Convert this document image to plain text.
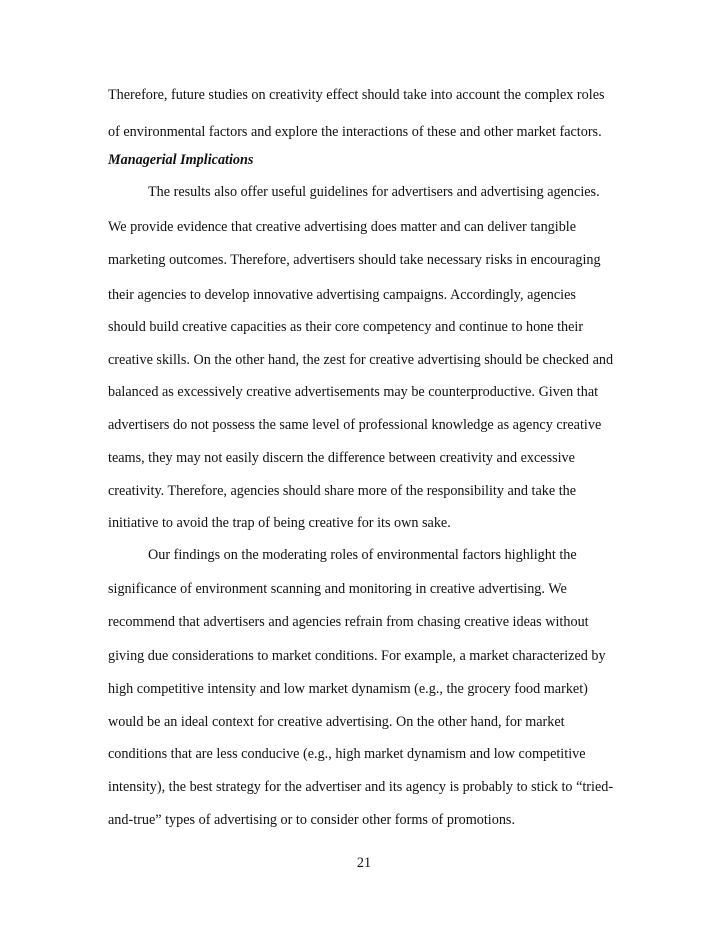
Therefore, future studies on creativity effect should take into account the complex roles
of environmental factors and explore the interactions of these and other market factors.
Managerial Implications
The results also offer useful guidelines for advertisers and advertising agencies.
We provide evidence that creative advertising does matter and can deliver tangible
marketing outcomes. Therefore, advertisers should take necessary risks in encouraging
their agencies to develop innovative advertising campaigns. Accordingly, agencies
should build creative capacities as their core competency and continue to hone their
creative skills. On the other hand, the zest for creative advertising should be checked and
balanced as excessively creative advertisements may be counterproductive. Given that
advertisers do not possess the same level of professional knowledge as agency creative
teams, they may not easily discern the difference between creativity and excessive
creativity. Therefore, agencies should share more of the responsibility and take the
initiative to avoid the trap of being creative for its own sake.
Our findings on the moderating roles of environmental factors highlight the
significance of environment scanning and monitoring in creative advertising. We
recommend that advertisers and agencies refrain from chasing creative ideas without
giving due considerations to market conditions. For example, a market characterized by
high competitive intensity and low market dynamism (e.g., the grocery food market)
would be an ideal context for creative advertising. On the other hand, for market
conditions that are less conducive (e.g., high market dynamism and low competitive
intensity), the best strategy for the advertiser and its agency is probably to stick to “tried-
and-true” types of advertising or to consider other forms of promotions.
21
